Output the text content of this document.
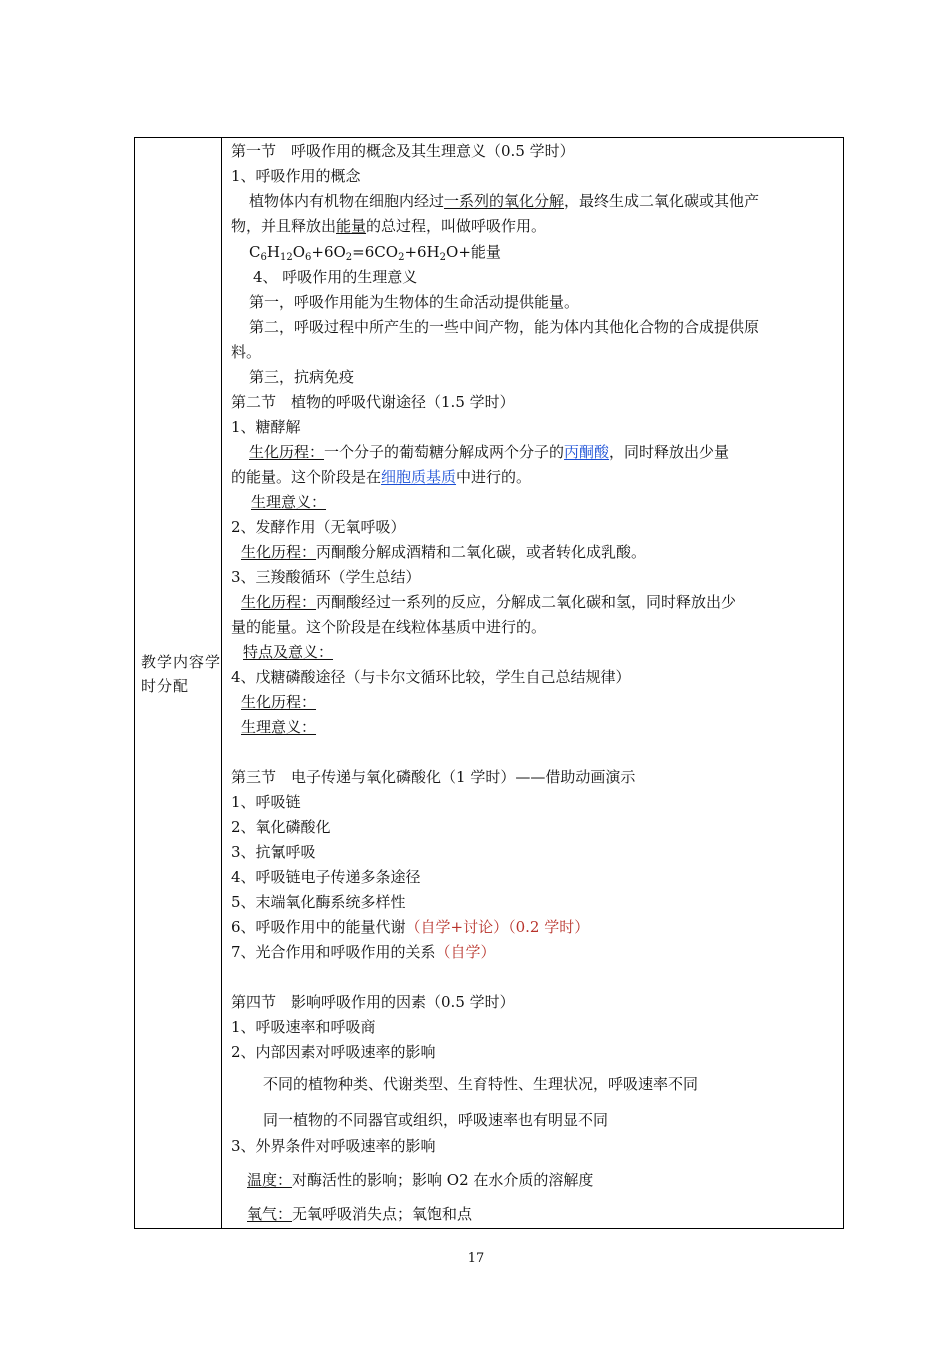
教学内容学时分配
第一节　呼吸作用的概念及其生理意义（0.5 学时）
1、呼吸作用的概念
植物体内有机物在细胞内经过一系列的氧化分解，最终生成二氧化碳或其他产
物，并且释放出能量的总过程，叫做呼吸作用。
$C_6H_{12}O_6+6O_2=6CO_2+6H_2O+$能量
4、 呼吸作用的生理意义
第一，呼吸作用能为生物体的生命活动提供能量。
第二，呼吸过程中所产生的一些中间产物，能为体内其他化合物的合成提供原
料。
第三，抗病免疫
第二节　植物的呼吸代谢途径（1.5 学时）
1、糖酵解
生化历程：一个分子的葡萄糖分解成两个分子的丙酮酸，同时释放出少量
的能量。这个阶段是在细胞质基质中进行的。
生理意义：
2、发酵作用（无氧呼吸）
生化历程：丙酮酸分解成酒精和二氧化碳，或者转化成乳酸。
3、三羧酸循环（学生总结）
生化历程：丙酮酸经过一系列的反应，分解成二氧化碳和氢，同时释放出少
量的能量。这个阶段是在线粒体基质中进行的。
特点及意义：
4、戊糖磷酸途径（与卡尔文循环比较，学生自己总结规律）
生化历程：
生理意义：
第三节　电子传递与氧化磷酸化（1 学时）——借助动画演示
1、呼吸链
2、氧化磷酸化
3、抗氰呼吸
4、呼吸链电子传递多条途径
5、末端氧化酶系统多样性
6、呼吸作用中的能量代谢（自学+讨论）（0.2 学时）
7、光合作用和呼吸作用的关系（自学）
第四节　影响呼吸作用的因素（0.5 学时）
1、呼吸速率和呼吸商
2、内部因素对呼吸速率的影响
不同的植物种类、代谢类型、生育特性、生理状况，呼吸速率不同
同一植物的不同器官或组织，呼吸速率也有明显不同
3、外界条件对呼吸速率的影响
温度：对酶活性的影响；影响 O2 在水介质的溶解度
氧气：无氧呼吸消失点；氧饱和点
17
